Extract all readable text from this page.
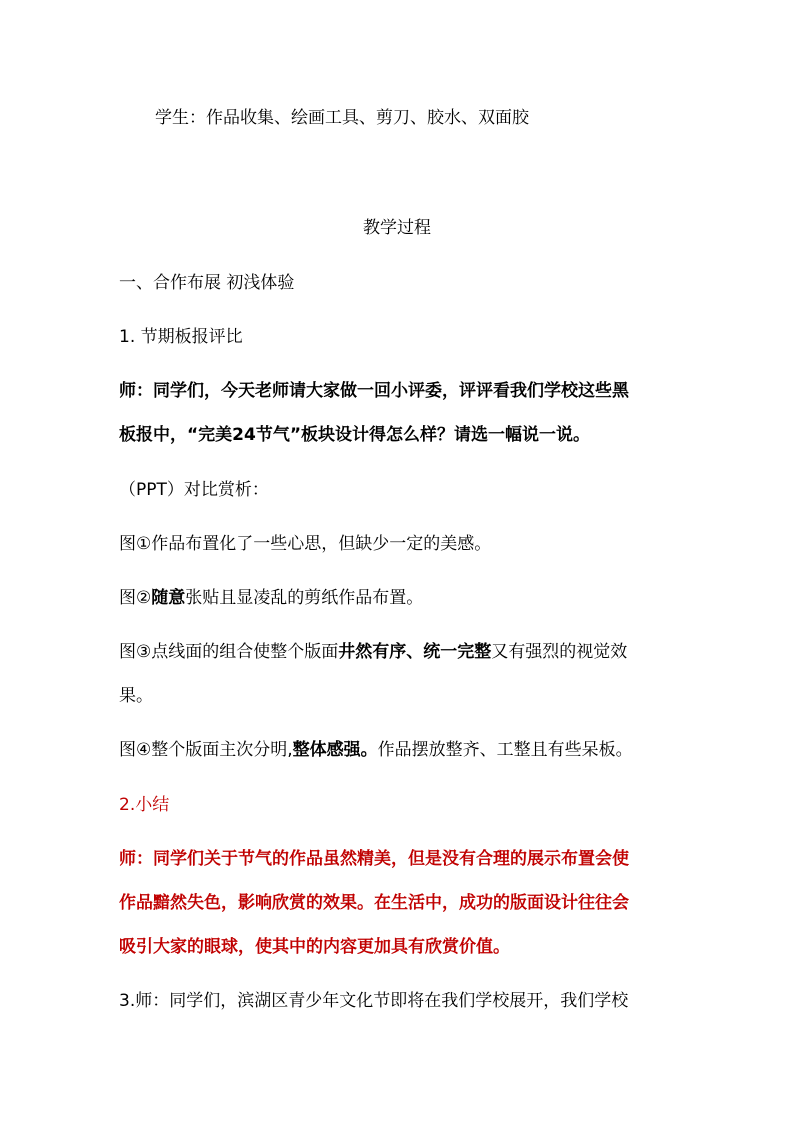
学生：作品收集、绘画工具、剪刀、胶水、双面胶
教学过程
一、合作布展 初浅体验
1. 节期板报评比
师：同学们，今天老师请大家做一回小评委，评评看我们学校这些黑
板报中，“完美24节气”板块设计得怎么样？请选一幅说一说。
（PPT）对比赏析：
图①作品布置化了一些心思，但缺少一定的美感。
图②随意张贴且显凌乱的剪纸作品布置。
图③点线面的组合使整个版面井然有序、统一完整又有强烈的视觉效
果。
图④整个版面主次分明,整体感强。作品摆放整齐、工整且有些呆板。
2.小结
师：同学们关于节气的作品虽然精美，但是没有合理的展示布置会使
作品黯然失色，影响欣赏的效果。在生活中，成功的版面设计往往会
吸引大家的眼球，使其中的内容更加具有欣赏价值。
3.师：同学们，滨湖区青少年文化节即将在我们学校展开，我们学校
